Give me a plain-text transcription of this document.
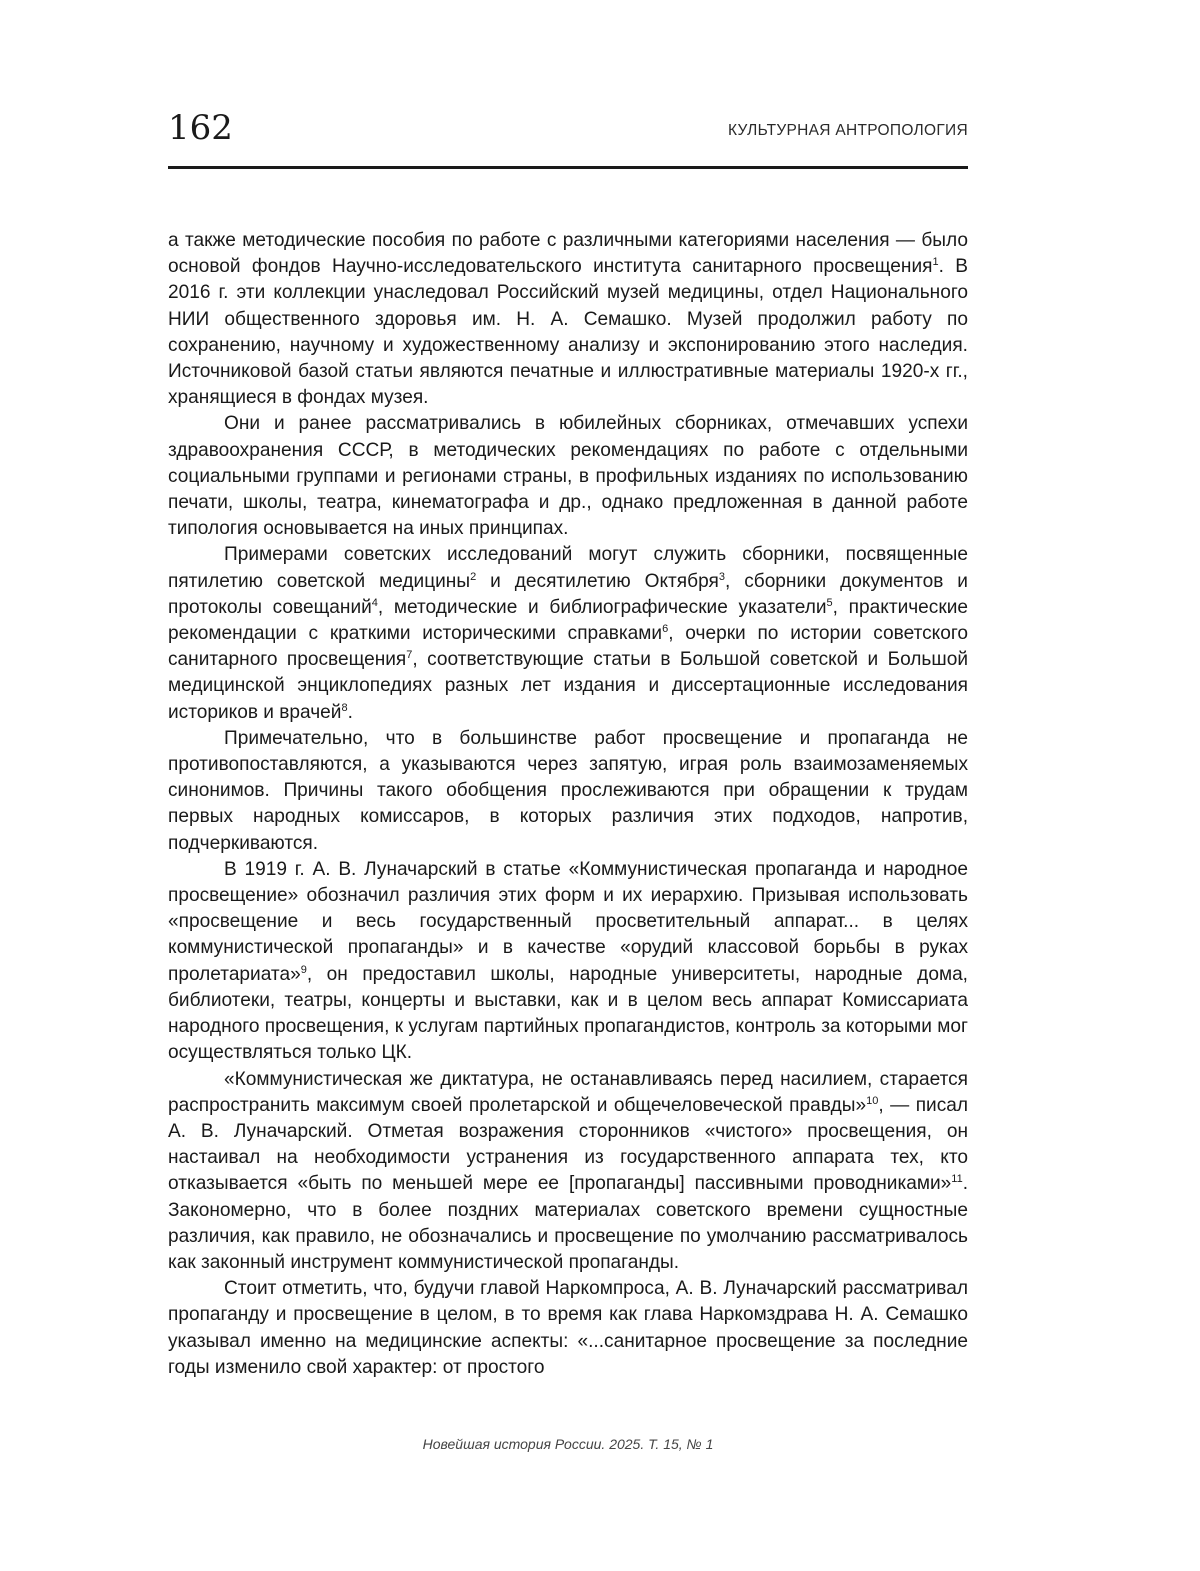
162	КУЛЬТУРНАЯ АНТРОПОЛОГИЯ

а также методические пособия по работе с различными категориями населения — было основой фондов Научно-исследовательского института санитарного просвещения$^1$. В 2016 г. эти коллекции унаследовал Российский музей медицины, отдел Национального НИИ общественного здоровья им. Н. А. Семашко. Музей продолжил работу по сохранению, научному и художественному анализу и экспонированию этого наследия. Источниковой базой статьи являются печатные и иллюстративные материалы 1920-х гг., хранящиеся в фондах музея.

Они и ранее рассматривались в юбилейных сборниках, отмечавших успехи здравоохранения СССР, в методических рекомендациях по работе с отдельными социальными группами и регионами страны, в профильных изданиях по использованию печати, школы, театра, кинематографа и др., однако предложенная в данной работе типология основывается на иных принципах.

Примерами советских исследований могут служить сборники, посвященные пятилетию советской медицины$^2$ и десятилетию Октября$^3$, сборники документов и протоколы совещаний$^4$, методические и библиографические указатели$^5$, практические рекомендации с краткими историческими справками$^6$, очерки по истории советского санитарного просвещения$^7$, соответствующие статьи в Большой советской и Большой медицинской энциклопедиях разных лет издания и диссертационные исследования историков и врачей$^8$.

Примечательно, что в большинстве работ просвещение и пропаганда не противопоставляются, а указываются через запятую, играя роль взаимозаменяемых синонимов. Причины такого обобщения прослеживаются при обращении к трудам первых народных комиссаров, в которых различия этих подходов, напротив, подчеркиваются.

В 1919 г. А. В. Луначарский в статье «Коммунистическая пропаганда и народное просвещение» обозначил различия этих форм и их иерархию. Призывая использовать «просвещение и весь государственный просветительный аппарат... в целях коммунистической пропаганды» и в качестве «орудий классовой борьбы в руках пролетариата»$^9$, он предоставил школы, народные университеты, народные дома, библиотеки, театры, концерты и выставки, как и в целом весь аппарат Комиссариата народного просвещения, к услугам партийных пропагандистов, контроль за которыми мог осуществляться только ЦК.

«Коммунистическая же диктатура, не останавливаясь перед насилием, старается распространить максимум своей пролетарской и общечеловеческой правды»$^{10}$, — писал А. В. Луначарский. Отметая возражения сторонников «чистого» просвещения, он настаивал на необходимости устранения из государственного аппарата тех, кто отказывается «быть по меньшей мере ее [пропаганды] пассивными проводниками»$^{11}$. Закономерно, что в более поздних материалах советского времени сущностные различия, как правило, не обозначались и просвещение по умолчанию рассматривалось как законный инструмент коммунистической пропаганды.

Стоит отметить, что, будучи главой Наркомпроса, А. В. Луначарский рассматривал пропаганду и просвещение в целом, в то время как глава Наркомздрава Н. А. Семашко указывал именно на медицинские аспекты: «...санитарное просвещение за последние годы изменило свой характер: от простого

Новейшая история России. 2025. Т. 15, № 1
